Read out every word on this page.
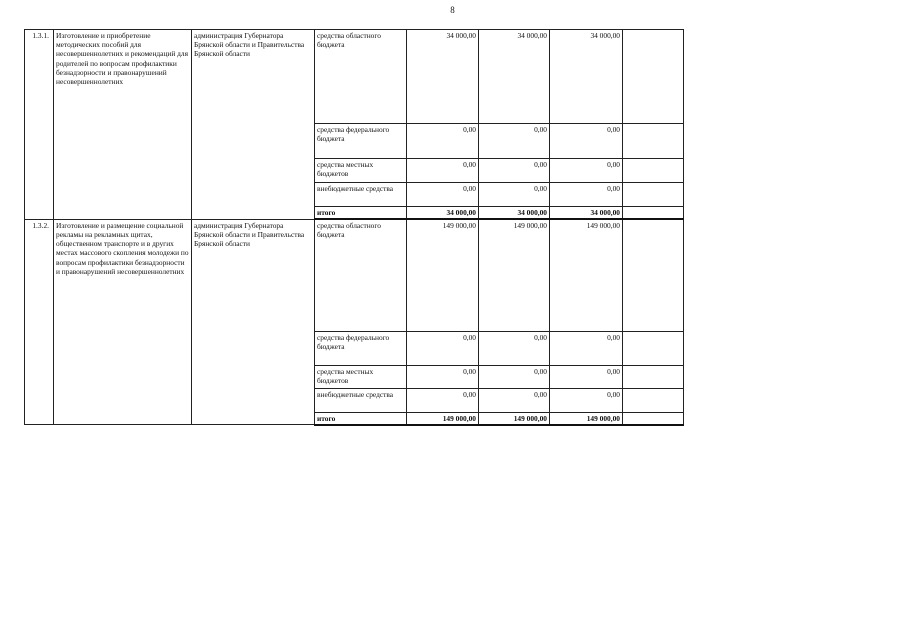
8
1.3.1.	Изготовление и приобретение методических пособий для несовершеннолетних и рекомендаций для родителей по вопросам профилактики безнадзорности и правонарушений несовершеннолетних	администрация Губернатора Брянской области и Правительства Брянской области	средства областного бюджета	34 000,00	34 000,00	34 000,00	
			средства федерального бюджета	0,00	0,00	0,00	
			средства местных бюджетов	0,00	0,00	0,00	
			внебюджетные средства	0,00	0,00	0,00	
			итого	34 000,00	34 000,00	34 000,00	
1.3.2.	Изготовление и размещение социальной рекламы на рекламных щитах, общественном транспорте и в других местах массового скопления молодежи по вопросам профилактики безнадзорности и правонарушений несовершеннолетних	администрация Губернатора Брянской области и Правительства Брянской области	средства областного бюджета	149 000,00	149 000,00	149 000,00	
			средства федерального бюджета	0,00	0,00	0,00	
			средства местных бюджетов	0,00	0,00	0,00	
			внебюджетные средства	0,00	0,00	0,00	
			итого	149 000,00	149 000,00	149 000,00	
